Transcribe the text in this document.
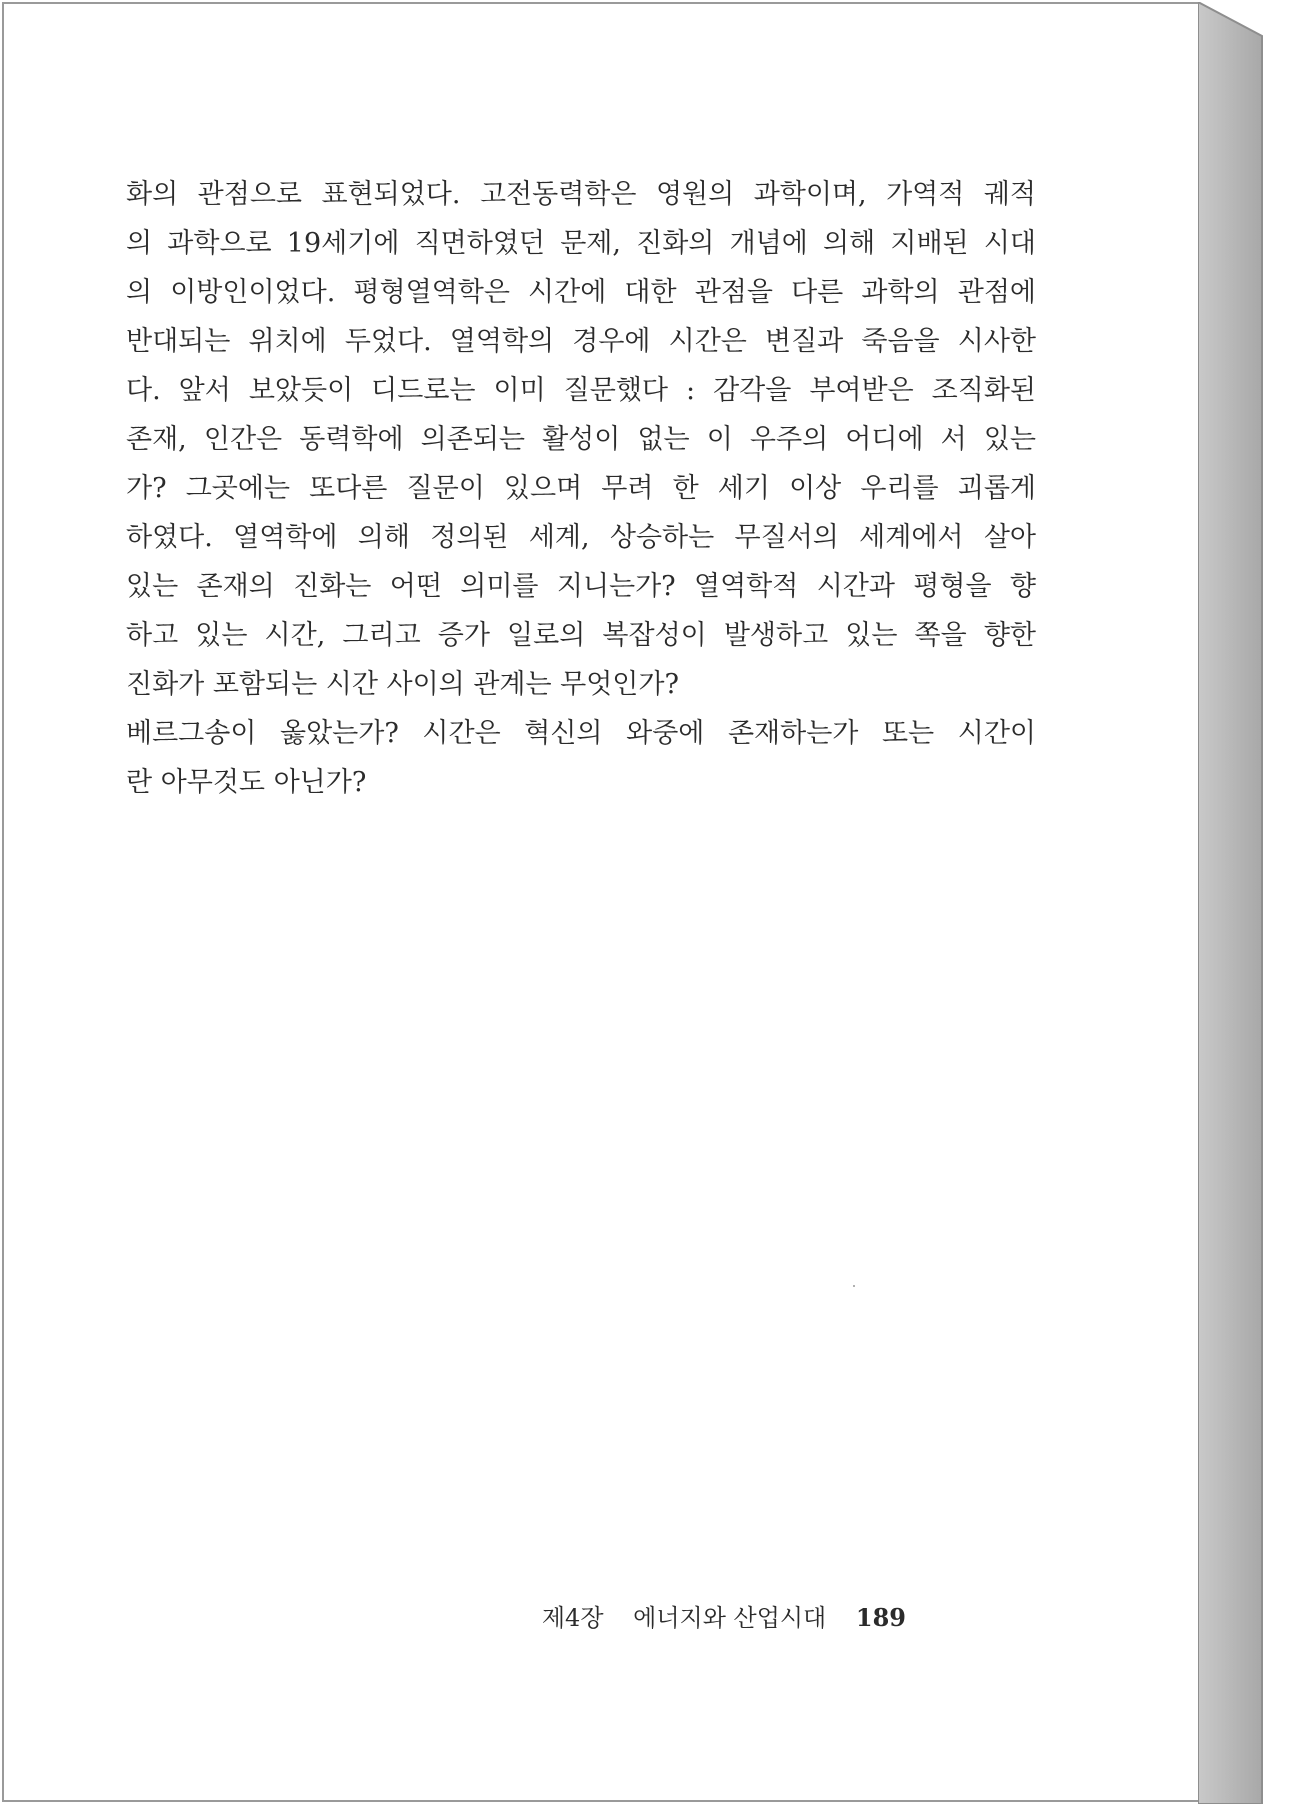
화의 관점으로 표현되었다. 고전동력학은 영원의 과학이며, 가역적 궤적
의 과학으로 19세기에 직면하였던 문제, 진화의 개념에 의해 지배된 시대
의 이방인이었다. 평형열역학은 시간에 대한 관점을 다른 과학의 관점에
반대되는 위치에 두었다. 열역학의 경우에 시간은 변질과 죽음을 시사한
다. 앞서 보았듯이 디드로는 이미 질문했다 : 감각을 부여받은 조직화된
존재, 인간은 동력학에 의존되는 활성이 없는 이 우주의 어디에 서 있는
가? 그곳에는 또다른 질문이 있으며 무려 한 세기 이상 우리를 괴롭게
하였다. 열역학에 의해 정의된 세계, 상승하는 무질서의 세계에서 살아
있는 존재의 진화는 어떤 의미를 지니는가? 열역학적 시간과 평형을 향
하고 있는 시간, 그리고 증가 일로의 복잡성이 발생하고 있는 쪽을 향한
진화가 포함되는 시간 사이의 관계는 무엇인가?
베르그송이 옳았는가? 시간은 혁신의 와중에 존재하는가 또는 시간이
란 아무것도 아닌가?
제4장 에너지와 산업시대 189
